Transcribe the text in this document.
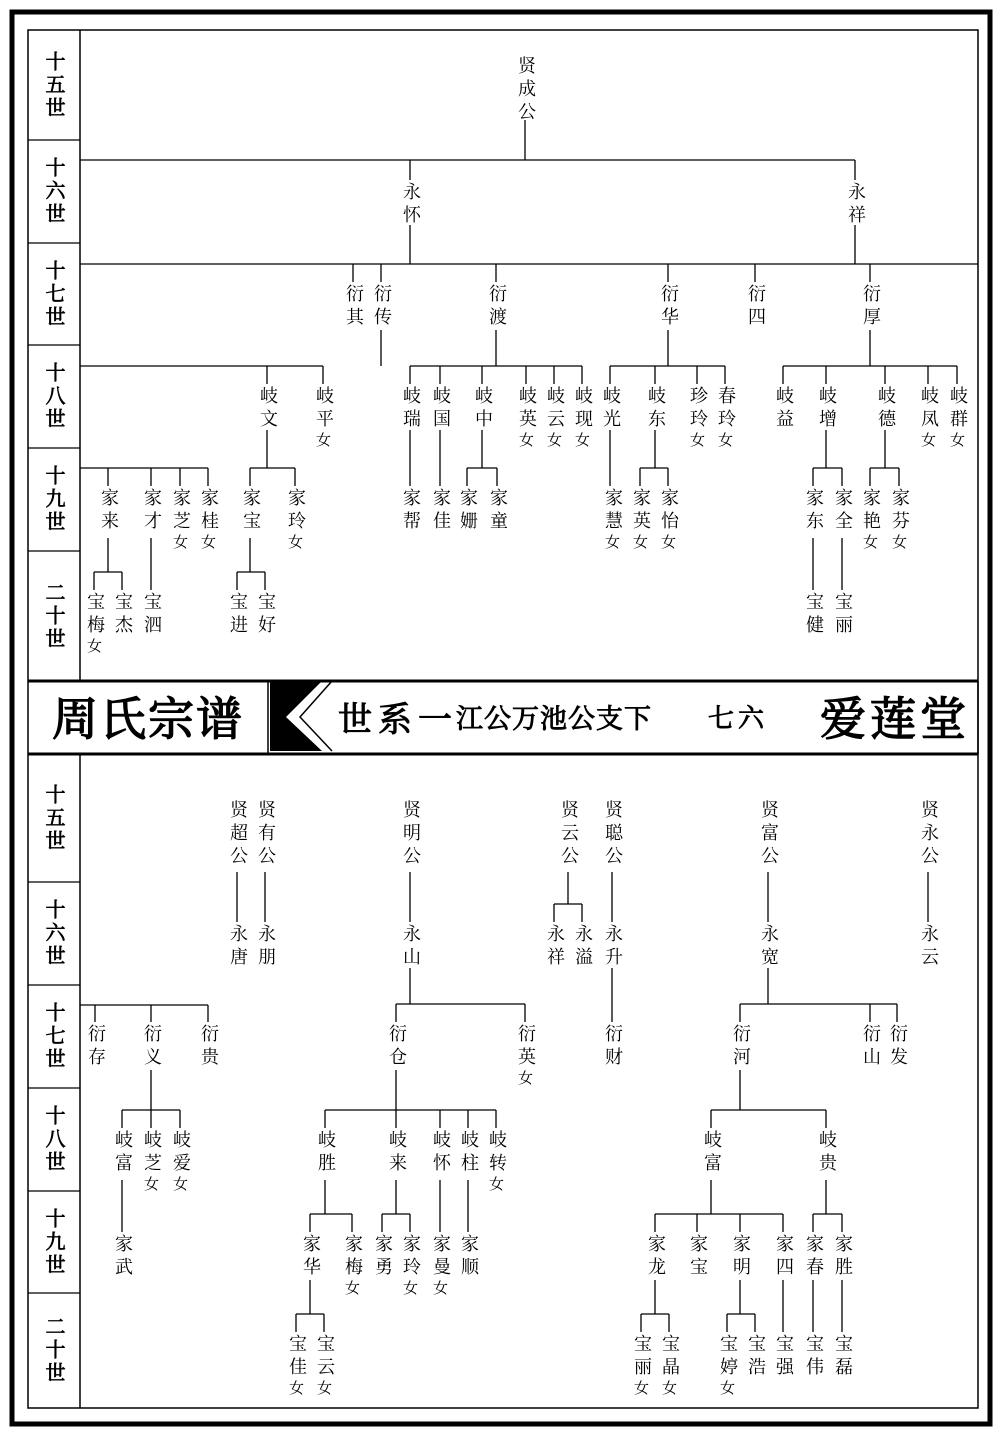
十五世
十六世
十七世
十八世
十九世
二十世
十五世
十六世
十七世
十八世
十九世
二十世
周氏宗谱	世系一
江公万池公支下 七六 爱莲堂
贤成公
永怀	永祥
衍其 衍传	衍渡	衍华	衍四	衍厚
岐文 岐平女
岐瑞 岐国 岐中 岐英女
岐云女
岐现女
岐光 岐东 珍玲女
春玲女
岐益 岐增 岐德 岐凤女
岐群女
家来 家才 家芝女
家桂女
家宝 家玲女
家帮 家佳 家姗 家童	家慧女
家英女
家怡女
家东 家全 家艳女
家芬女
宝梅女
宝杰 宝泗	宝进 宝好	宝健 宝丽
贤超公 贤有公	贤明公	贤云公 贤聪公	贤富公	贤永公
永唐 永朋	永山	永祥 永溢 永升	永宽	永云
衍存 衍义 衍贵	衍仓	衍英女
衍财	衍河	衍山 衍发
岐富 岐芝女
岐爱女
岐胜	岐来 岐怀 岐柱 岐转女
岐富	岐贵
家武	家华 家梅女
家勇 家玲女
家曼女
家顺	家龙 家宝 家明 家四 家春 家胜
宝佳女
宝云女
宝丽女
宝晶女
宝婷女
宝浩 宝强 宝伟 宝磊
